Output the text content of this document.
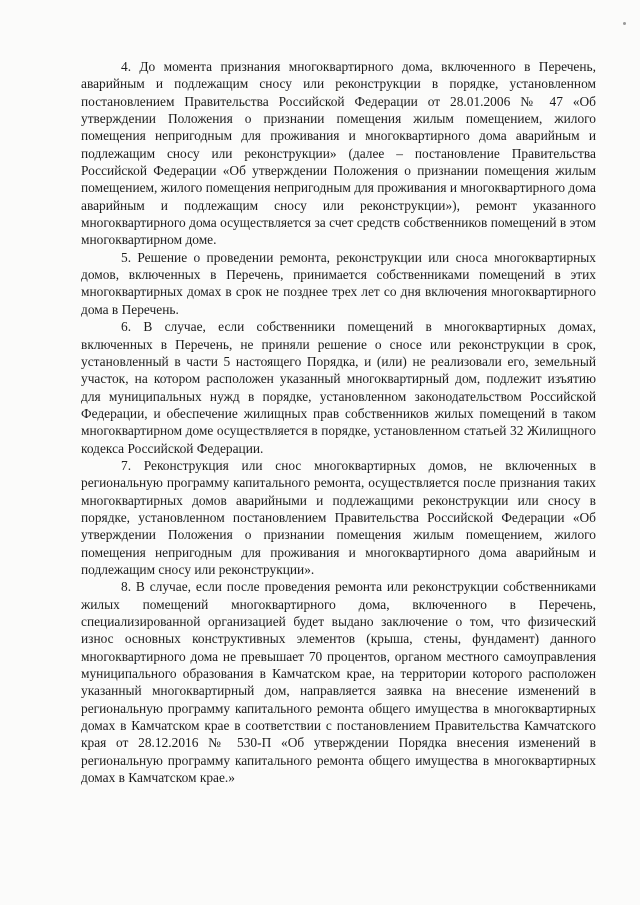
4. До момента признания многоквартирного дома, включенного в Перечень, аварийным и подлежащим сносу или реконструкции в порядке, установленном постановлением Правительства Российской Федерации от 28.01.2006 № 47 «Об утверждении Положения о признании помещения жилым помещением, жилого помещения непригодным для проживания и многоквартирного дома аварийным и подлежащим сносу или реконструкции» (далее – постановление Правительства Российской Федерации «Об утверждении Положения о признании помещения жилым помещением, жилого помещения непригодным для проживания и многоквартирного дома аварийным и подлежащим сносу или реконструкции»), ремонт указанного многоквартирного дома осуществляется за счет средств собственников помещений в этом многоквартирном доме.

5. Решение о проведении ремонта, реконструкции или сноса многоквартирных домов, включенных в Перечень, принимается собственниками помещений в этих многоквартирных домах в срок не позднее трех лет со дня включения многоквартирного дома в Перечень.

6. В случае, если собственники помещений в многоквартирных домах, включенных в Перечень, не приняли решение о сносе или реконструкции в срок, установленный в части 5 настоящего Порядка, и (или) не реализовали его, земельный участок, на котором расположен указанный многоквартирный дом, подлежит изъятию для муниципальных нужд в порядке, установленном законодательством Российской Федерации, и обеспечение жилищных прав собственников жилых помещений в таком многоквартирном доме осуществляется в порядке, установленном статьей 32 Жилищного кодекса Российской Федерации.

7. Реконструкция или снос многоквартирных домов, не включенных в региональную программу капитального ремонта, осуществляется после признания таких многоквартирных домов аварийными и подлежащими реконструкции или сносу в порядке, установленном постановлением Правительства Российской Федерации «Об утверждении Положения о признании помещения жилым помещением, жилого помещения непригодным для проживания и многоквартирного дома аварийным и подлежащим сносу или реконструкции».

8. В случае, если после проведения ремонта или реконструкции собственниками жилых помещений многоквартирного дома, включенного в Перечень, специализированной организацией будет выдано заключение о том, что физический износ основных конструктивных элементов (крыша, стены, фундамент) данного многоквартирного дома не превышает 70 процентов, органом местного самоуправления муниципального образования в Камчатском крае, на территории которого расположен указанный многоквартирный дом, направляется заявка на внесение изменений в региональную программу капитального ремонта общего имущества в многоквартирных домах в Камчатском крае в соответствии с постановлением Правительства Камчатского края от 28.12.2016 № 530-П «Об утверждении Порядка внесения изменений в региональную программу капитального ремонта общего имущества в многоквартирных домах в Камчатском крае.»
